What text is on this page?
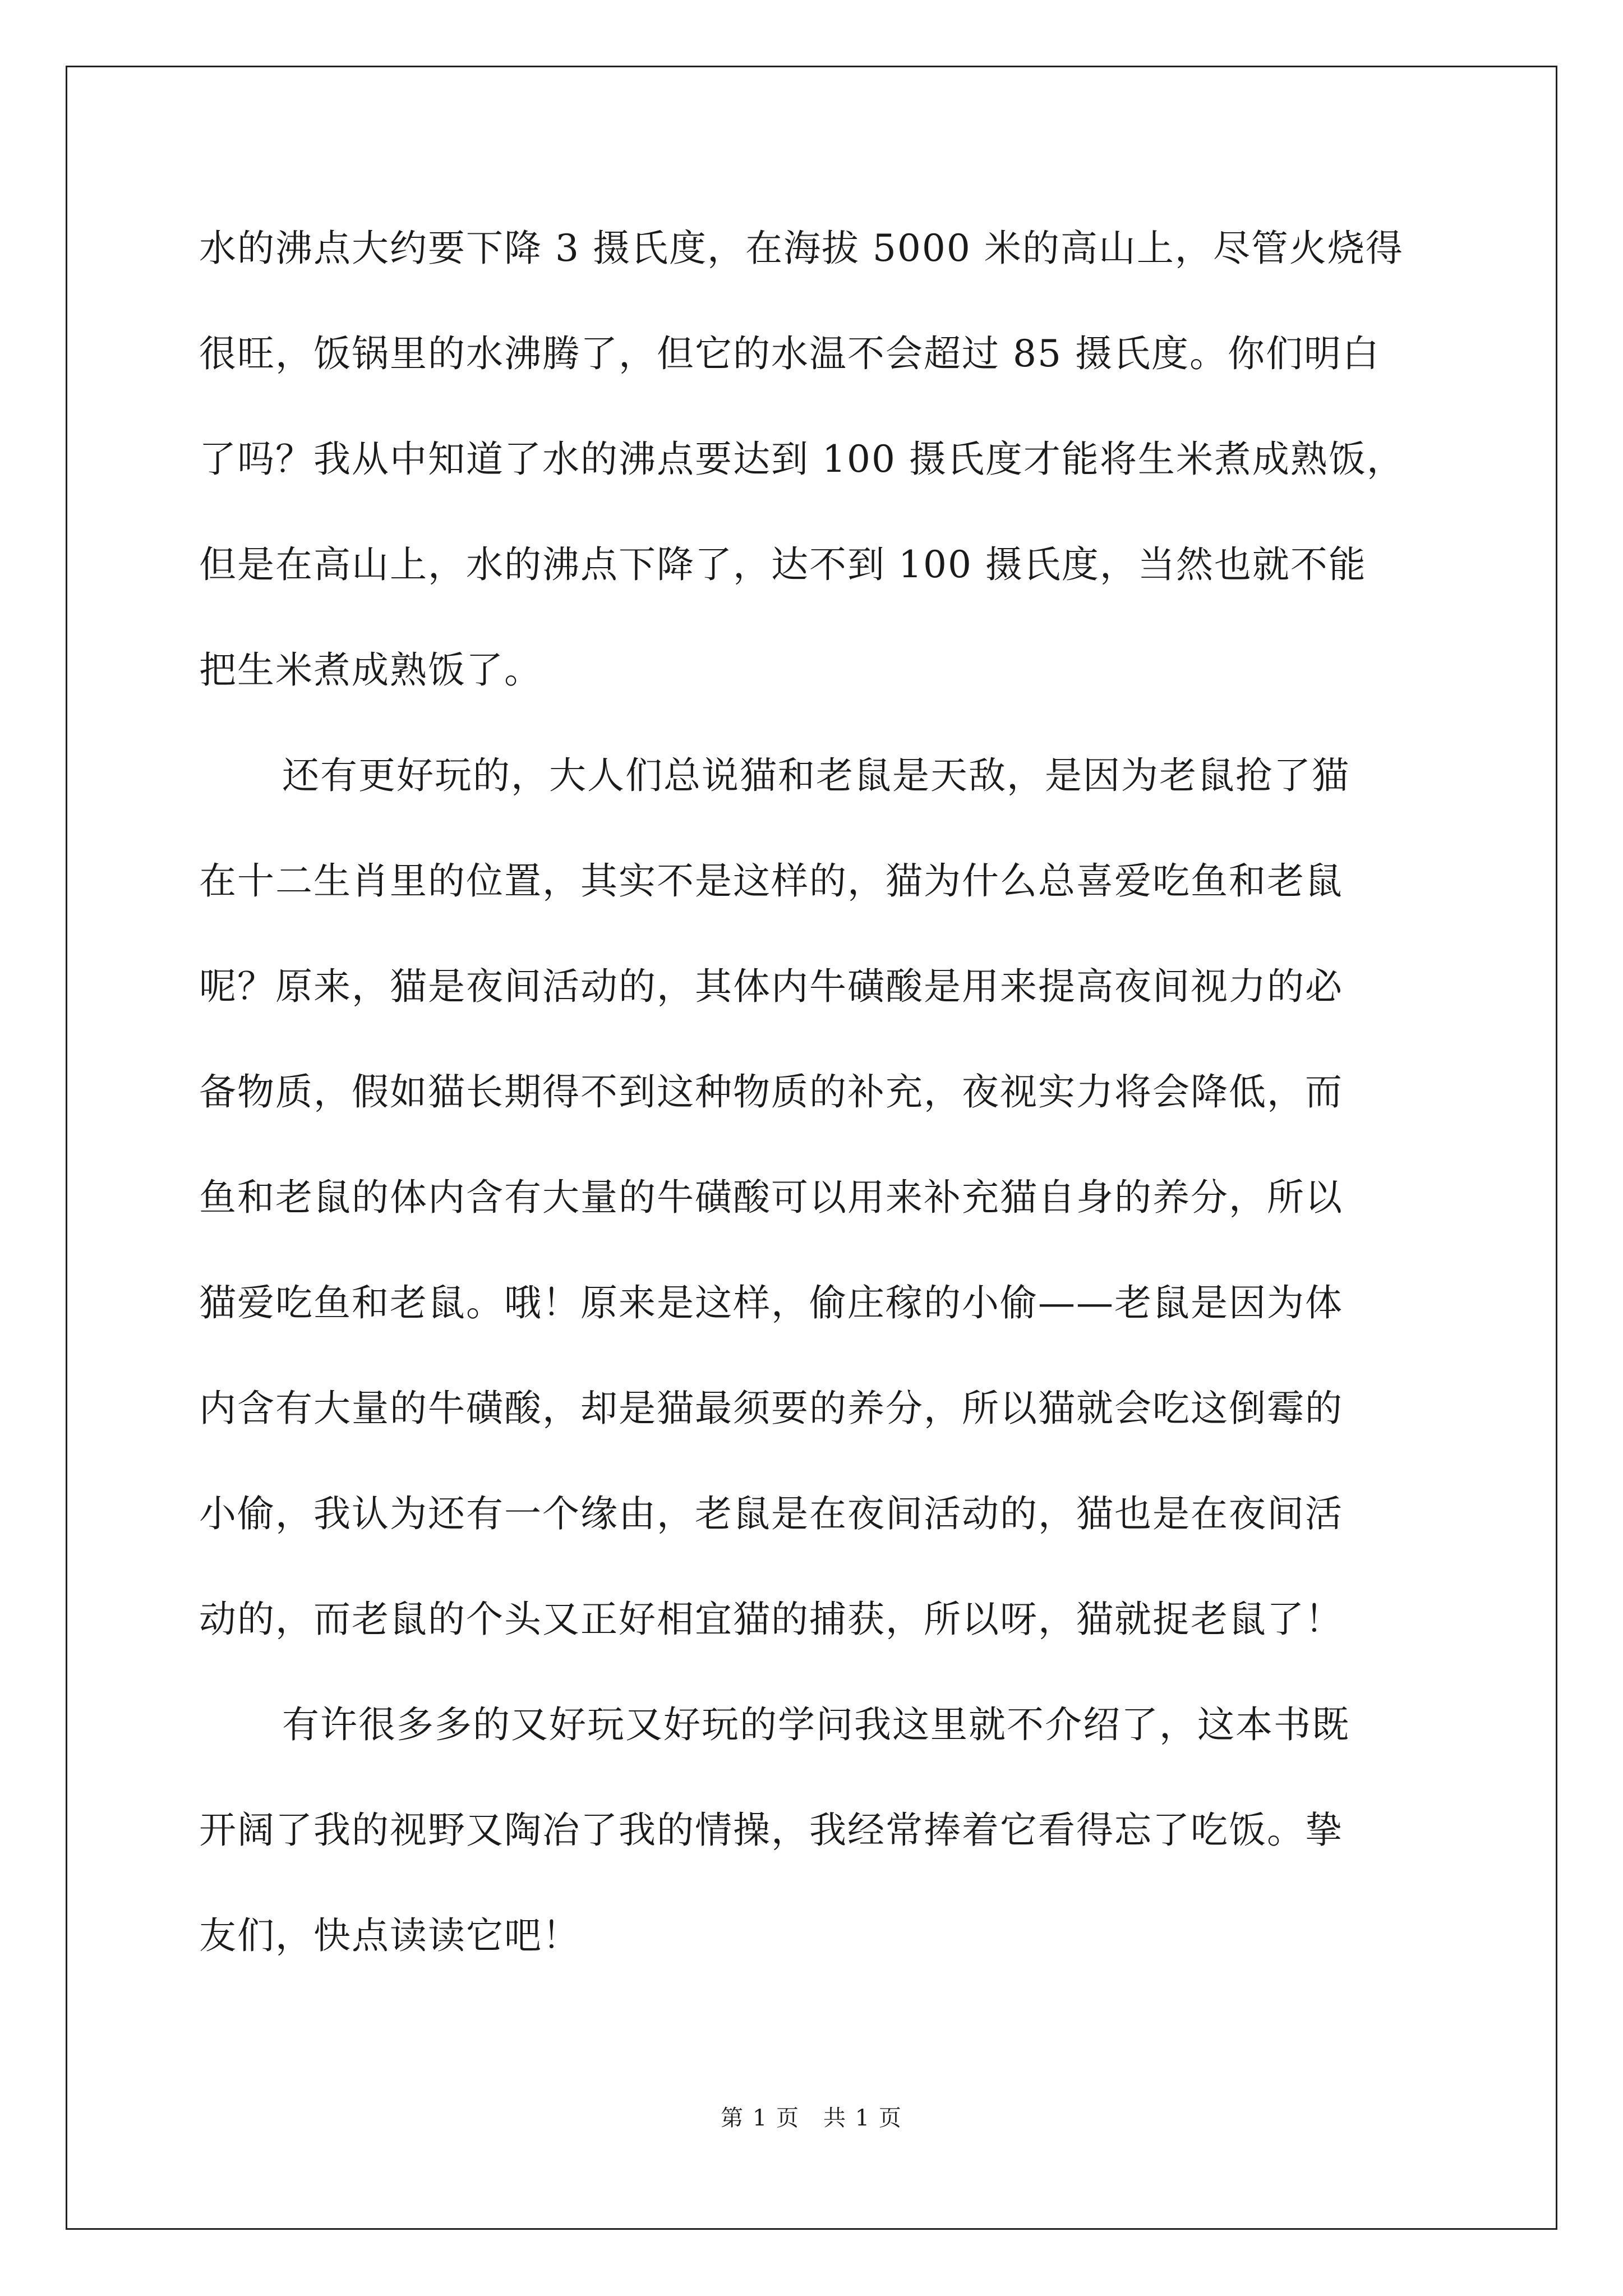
水的沸点大约要下降 3 摄氏度，在海拔 5000 米的高山上，尽管火烧得
很旺，饭锅里的水沸腾了，但它的水温不会超过 85 摄氏度。你们明白
了吗？我从中知道了水的沸点要达到 100 摄氏度才能将生米煮成熟饭，
但是在高山上，水的沸点下降了，达不到 100 摄氏度，当然也就不能
把生米煮成熟饭了。
还有更好玩的，大人们总说猫和老鼠是天敌，是因为老鼠抢了猫
在十二生肖里的位置，其实不是这样的，猫为什么总喜爱吃鱼和老鼠
呢？原来，猫是夜间活动的，其体内牛磺酸是用来提高夜间视力的必
备物质，假如猫长期得不到这种物质的补充，夜视实力将会降低，而
鱼和老鼠的体内含有大量的牛磺酸可以用来补充猫自身的养分，所以
猫爱吃鱼和老鼠。哦！原来是这样，偷庄稼的小偷——老鼠是因为体
内含有大量的牛磺酸，却是猫最须要的养分，所以猫就会吃这倒霉的
小偷，我认为还有一个缘由，老鼠是在夜间活动的，猫也是在夜间活
动的，而老鼠的个头又正好相宜猫的捕获，所以呀，猫就捉老鼠了！
有许很多多的又好玩又好玩的学问我这里就不介绍了，这本书既
开阔了我的视野又陶冶了我的情操，我经常捧着它看得忘了吃饭。挚
友们，快点读读它吧！
第 1 页　共 1 页
